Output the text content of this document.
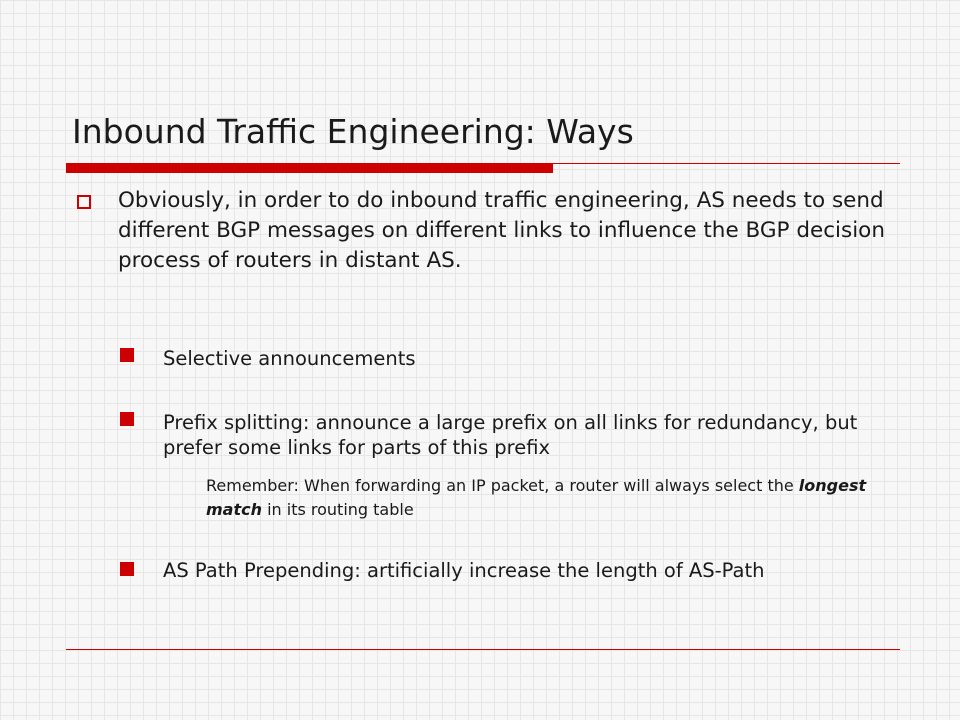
Inbound Traffic Engineering: Ways

Obviously, in order to do inbound traffic engineering, AS needs to send different BGP messages on different links to influence the BGP decision process of routers in distant AS.

Selective announcements

Prefix splitting: announce a large prefix on all links for redundancy, but prefer some links for parts of this prefix

Remember: When forwarding an IP packet, a router will always select the longest match in its routing table

AS Path Prepending: artificially increase the length of AS-Path
